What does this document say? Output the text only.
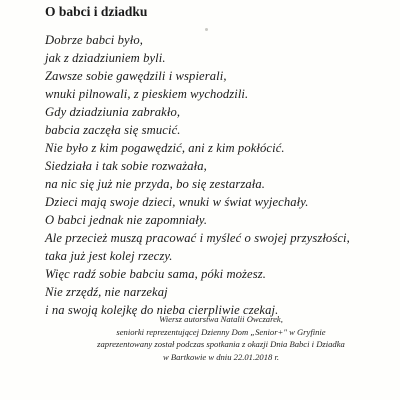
O babci i dziadku
Dobrze babci było,
jak z dziadziuniem byli.
Zawsze sobie gawędzili i wspierali,
wnuki pilnowali, z pieskiem wychodzili.
Gdy dziadziunia zabrakło,
babcia zaczęła się smucić.
Nie było z kim pogawędzić, ani z kim pokłócić.
Siedziała i tak sobie rozważała,
na nic się już nie przyda, bo się zestarzała.
Dzieci mają swoje dzieci, wnuki w świat wyjechały.
O babci jednak nie zapomniały.
Ale przecież muszą pracować i myśleć o swojej przyszłości,
taka już jest kolej rzeczy.
Więc radź sobie babciu sama, póki możesz.
Nie zrzędź, nie narzekaj
i na swoją kolejkę do nieba cierpliwie czekaj.
Wiersz autorstwa Natalii Owczarek,
seniorki reprezentującej Dzienny Dom „Senior+" w Gryfinie
zaprezentowany został podczas spotkania z okazji Dnia Babci i Dziadka
w Bartkowie w dniu 22.01.2018 r.
